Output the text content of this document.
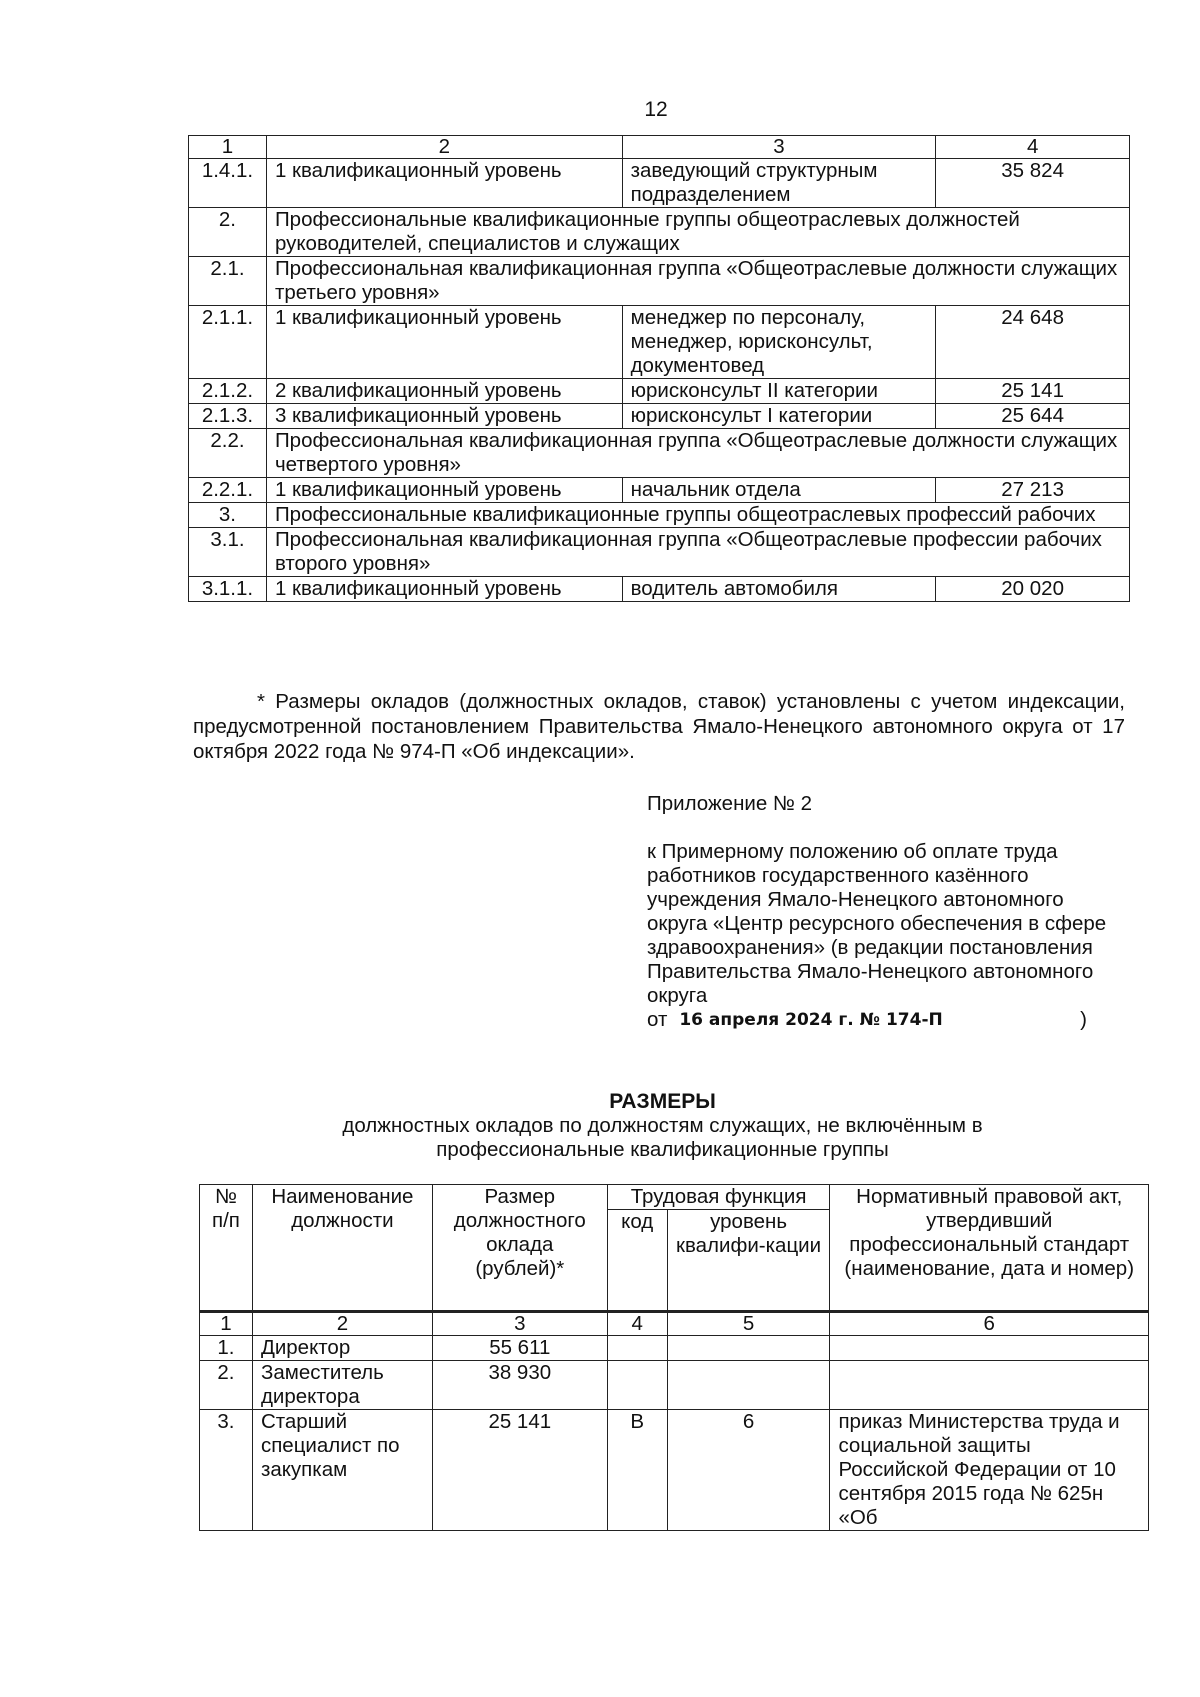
12
1	2	3	4
1.4.1.	1 квалификационный уровень	заведующий структурным подразделением	35 824
2.	Профессиональные квалификационные группы общеотраслевых должностей руководителей, специалистов и служащих		
2.1.	Профессиональная квалификационная группа «Общеотраслевые должности служащих третьего уровня»		
2.1.1.	1 квалификационный уровень	менеджер по персоналу, менеджер, юрисконсульт, документовед	24 648
2.1.2.	2 квалификационный уровень	юрисконсульт II категории	25 141
2.1.3.	3 квалификационный уровень	юрисконсульт I категории	25 644
2.2.	Профессиональная квалификационная группа «Общеотраслевые должности служащих четвертого уровня»		
2.2.1.	1 квалификационный уровень	начальник отдела	27 213
3.	Профессиональные квалификационные группы общеотраслевых профессий рабочих		
3.1.	Профессиональная квалификационная группа «Общеотраслевые профессии рабочих второго уровня»		
3.1.1.	1 квалификационный уровень	водитель автомобиля	20 020
* Размеры окладов (должностных окладов, ставок) установлены с учетом индексации, предусмотренной постановлением Правительства Ямало-Ненецкого автономного округа от 17 октября 2022 года № 974-П «Об индексации».
Приложение № 2
к Примерному положению об оплате труда работников государственного казённого учреждения Ямало-Ненецкого автономного округа «Центр ресурсного обеспечения в сфере здравоохранения» (в редакции постановления Правительства Ямало-Ненецкого автономного округа
от 16 апреля 2024 г. № 174-П	)
РАЗМЕРЫ
должностных окладов по должностям служащих, не включённым в профессиональные квалификационные группы
№ п/п	Наименование должности	Размер должностного оклада (рублей)*	Трудовая функция		Нормативный правовой акт, утвердивший профессиональный стандарт (наименование, дата и номер)
			код	уровень квалифи-кации	
1	2	3	4	5	6
1.	Директор	55 611			
2.	Заместитель директора	38 930			
3.	Старший специалист по закупкам	25 141	В	6	приказ Министерства труда и социальной защиты Российской Федерации от 10 сентября 2015 года № 625н «Об
